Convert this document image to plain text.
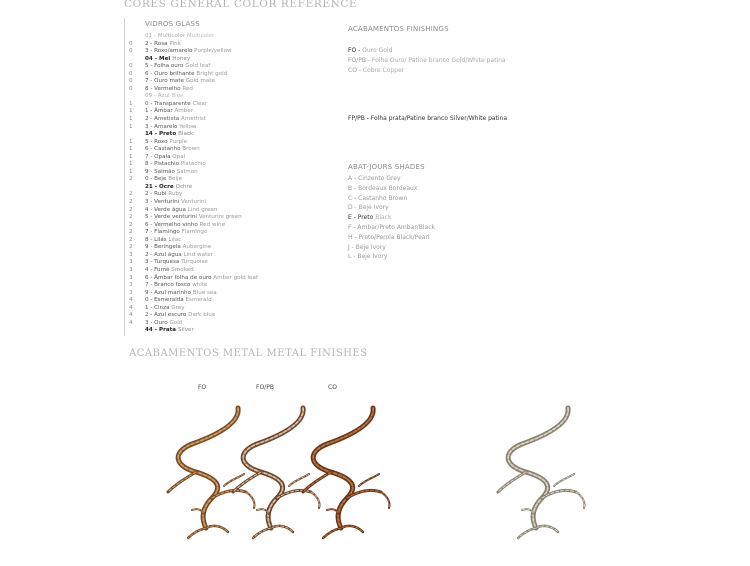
CORES GENERAL COLOR REFERENCE
VIDROS GLASS
01 - Multicolor Multicolor
0 2 - Rosa Pink
0 3 - Roxo/amarelo Purple/yellow
04 - Mel Honey
0 5 - Folha ouro Gold leaf
0 6 - Ouro brilhante Bright gold
0 7 - Ouro mate Gold mate
0 8 - Vermelho Red
09 - Azul Blue
1 0 - Transparente Clear
1 1 - Âmbar Amber
1 2 - Ametista Amethist
1 3 - Amarelo Yellow
14 - Preto Black
1 5 - Roxo Purple
1 6 - Castanho Brown
1 7 - Opala Opal
1 8 - Pistachio Pistachio
1 9 - Salmão Salmon
2 0 - Beje Beije
21 - Ocre Ochre
2 2 - Rubi Ruby
2 3 - Venturini Venturini
2 4 - Verde água Lind green
2 5 - Verde venturini Venturini green
2 6 - Vermelho vinho Red wine
2 7 - Flamingo Flamingo
2 8 - Lilás Lilac
2 9 - Beringela Aubergine
3 2 - Azul água Lind water
3 3 - Turquesa Turquoise
3 4 - Fumé Smoked
3 6 - Âmbar folha de ouro Amber gold leaf
3 7 - Branco fosco white
3 9 - Azul marinho Blue sea
4 0 - Esmeralda Esmerald
4 1 - Cinza Grey
4 2 - Azul escuro Dark blue
4 3 - Ouro Gold
44 - Prata Silver
ACABAMENTOS FINISHINGS
FO - Ouro Gold
FO/PB - Folha Ouro/ Patine branco Gold/White patina
CO - Cobre Copper
FP/PB - Folha prata/Patine branco Silver/White patina
ABAT-JOURS SHADES
A - Cinzento Grey
B - Bordeaux Bordeaux
C - Castanho Brown
D - Beje Ivory
E - Preto Black
F - Ambar/Preto Ambar/Black
H - Preto/Perola Black/Pearl
J - Beje Ivory
L - Beje Ivory
ACABAMENTOS METAL METAL FINISHES
FO	FO/PB	CO
